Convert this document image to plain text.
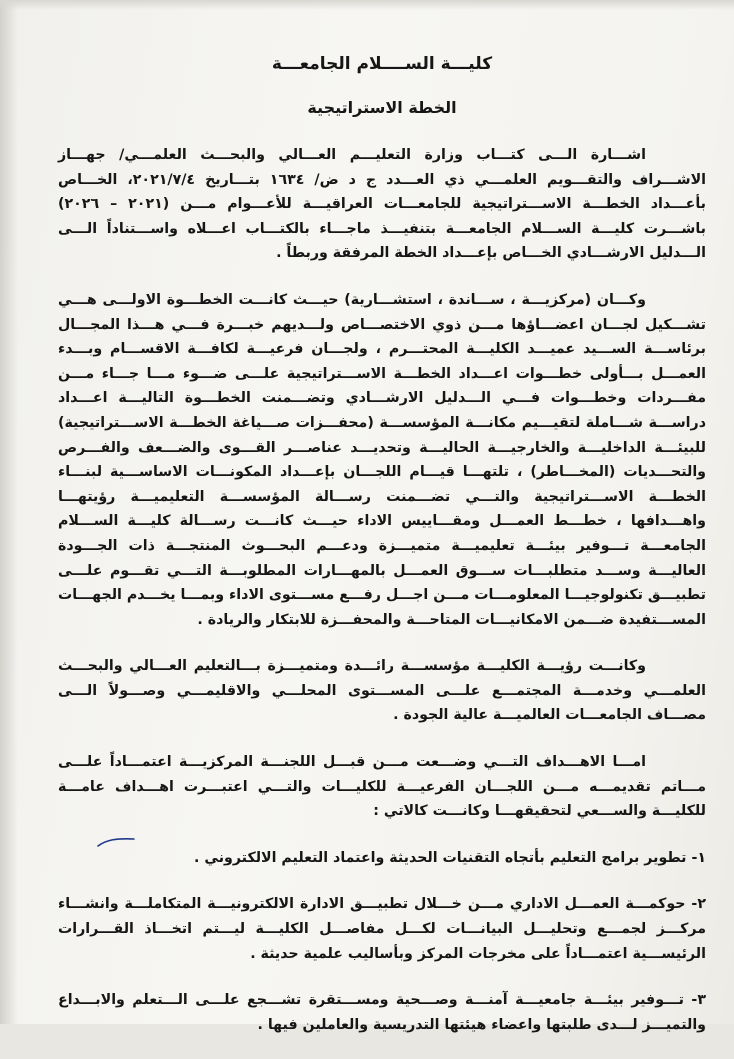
كليـــة الســــلام الجامعـــة
الخطة الاستراتيجية

اشـــارة الـــى كتـــاب وزارة التعليـــم العـــالي والبحـــث العلمـــي/ جهـــاز الاشـــراف والتقـــويم العلمـــي ذي العـــدد ج د ض/ ١٦٣٤ بتـــاريخ ٢٠٢١/٧/٤، الخـــاص بأعـــداد الخطـــة الاســـتراتيجية للجامعـــات العراقيـــة للأعـــوام مـــن (٢٠٢١ – ٢٠٢٦) باشـــرت كليـــة الســـلام الجامعـــة بتنفيـــذ ماجـــاء بالكتـــاب اعـــلاه واســـتناداً الـــى الـــدليل الارشـــادي الخـــاص بإعـــداد الخطة المرفقة وربطاً .

وكـــان (مركزيـــة ، ســـاندة ، استشـــارية) حيـــث كانـــت الخطـــوة الاولـــى هـــي تشـــكيل لجـــان اعضـــاؤها مـــن ذوي الاختصـــاص ولـــديهم خبـــرة فـــي هـــذا المجـــال برئاســـة الســـيد عميـــد الكليـــة المحتـــرم ، ولجـــان فرعيـــة لكافـــة الاقســـام وبـــدء العمـــل بـــأولى خطـــوات اعـــداد الخطـــة الاســـتراتيجية علـــى ضـــوء مـــا جـــاء مـــن مفـــردات وخطـــوات فـــي الـــدليل الارشـــادي وتضـــمنت الخطـــوة التاليـــة اعـــداد دراســـة شـــاملة لتقيـــيم مكانـــة المؤسســـة (محفـــزات صـــياغة الخطـــة الاســـتراتيجية) للبيئـــة الداخليـــة والخارجيـــة الحاليـــة وتحديـــد عناصـــر القـــوى والضـــعف والفـــرص والتحـــديات (المخـــاطر) ، تلتهـــا قيـــام اللجـــان بإعـــداد المكونـــات الاساســـية لبنـــاء الخطـــة الاســـتراتيجية والتـــي تضـــمنت رســـالة المؤسســـة التعليميـــة رؤيتهـــا واهـــدافها ، خطـــط العمـــل ومقـــاييس الاداء حيـــث كانـــت رســـالة كليـــة الســـلام الجامعـــة تـــوفير بيئـــة تعليميـــة متميـــزة ودعـــم البحـــوث المنتجـــة ذات الجـــودة العاليـــة وســـد متطلبـــات ســـوق العمـــل بالمهـــارات المطلوبـــة التـــي تقـــوم علـــى تطبيـــق تكنولوجيـــا المعلومـــات مـــن اجـــل رفـــع مســـتوى الاداء وبمـــا يخـــدم الجهـــات المســـتفيدة ضـــمن الامكانيـــات المتاحـــة والمحفـــزة للابتكار والريادة .

وكانـــت رؤيـــة الكليـــة مؤسســـة رائـــدة ومتميـــزة بـــالتعليم العـــالي والبحـــث العلمـــي وخدمـــة المجتمـــع علـــى المســـتوى المحلـــي والاقليمـــي وصـــولاً الـــى مصـــاف الجامعـــات العالميـــة عالية الجودة .

امـــا الاهـــداف التـــي وضـــعت مـــن قبـــل اللجنـــة المركزيـــة اعتمـــاداً علـــى مـــاتم تقديمـــه مـــن اللجـــان الفرعيـــة للكليـــات والتـــي اعتبـــرت اهـــداف عامـــة للكليـــة والســـعي لتحقيقهـــا وكانـــت كالاتي :

١- تطوير برامج التعليم بأتجاه التقنيات الحديثة واعتماد التعليم الالكتروني .

٢- حوكمـــة العمـــل الاداري مـــن خـــلال تطبيـــق الادارة الالكترونيـــة المتكاملـــة وانشـــاء مركـــز لجمـــع وتحليـــل البيانـــات لكـــل مفاصـــل الكليـــة ليـــتم اتخـــاذ القـــرارات الرئيســـية اعتمـــاداً على مخرجات المركز وبأساليب علمية حديثة .

٣- تـــوفير بيئـــة جامعيـــة آمنـــة وصـــحية ومســـتقرة تشـــجع علـــى الـــتعلم والابـــداع والتميـــز لـــدى طلبتها واعضاء هيئتها التدريسية والعاملين فيها .
